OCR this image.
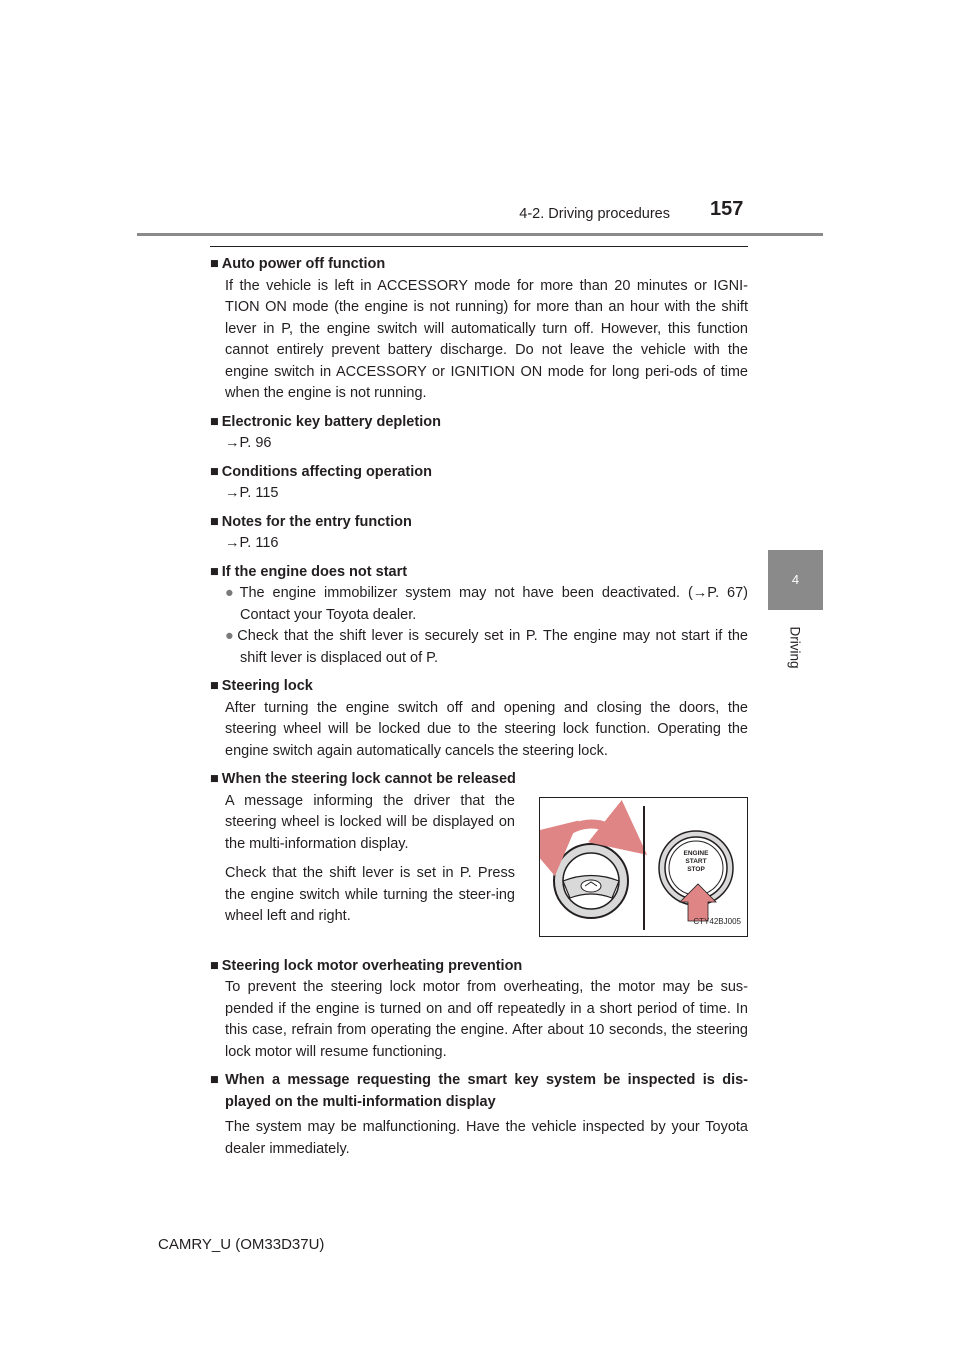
4-2. Driving procedures 157
4
Driving
■ Auto power off function
If the vehicle is left in ACCESSORY mode for more than 20 minutes or IGNI-TION ON mode (the engine is not running) for more than an hour with the shift lever in P, the engine switch will automatically turn off. However, this function cannot entirely prevent battery discharge. Do not leave the vehicle with the engine switch in ACCESSORY or IGNITION ON mode for long peri-ods of time when the engine is not running.
■ Electronic key battery depletion
→P. 96
■ Conditions affecting operation
→P. 115
■ Notes for the entry function
→P. 116
■ If the engine does not start
● The engine immobilizer system may not have been deactivated. (→P. 67) Contact your Toyota dealer.
● Check that the shift lever is securely set in P. The engine may not start if the shift lever is displaced out of P.
■ Steering lock
After turning the engine switch off and opening and closing the doors, the steering wheel will be locked due to the steering lock function. Operating the engine switch again automatically cancels the steering lock.
■ When the steering lock cannot be released

A message informing the driver that the steering wheel is locked will be displayed on the multi-information display.

Check that the shift lever is set in P. Press the engine switch while turning the steer-ing wheel left and right.

ENGINE
START
STOP
CTY42BJ005
■ Steering lock motor overheating prevention
To prevent the steering lock motor from overheating, the motor may be sus-pended if the engine is turned on and off repeatedly in a short period of time. In this case, refrain from operating the engine. After about 10 seconds, the steering lock motor will resume functioning.
■ When a message requesting the smart key system be inspected is dis-played on the multi-information display
The system may be malfunctioning. Have the vehicle inspected by your Toyota dealer immediately.
CAMRY_U (OM33D37U)
